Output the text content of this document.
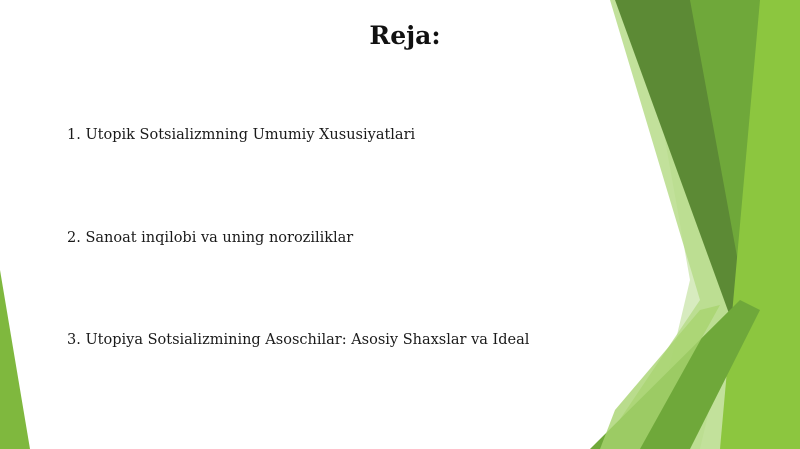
Reja:
1. Utopik Sotsializmning Umumiy Xususiyatlari
2. Sanoat inqilobi va uning noroziliklar
3. Utopiya Sotsializmining Asoschilar: Asosiy Shaxslar va Ideal
